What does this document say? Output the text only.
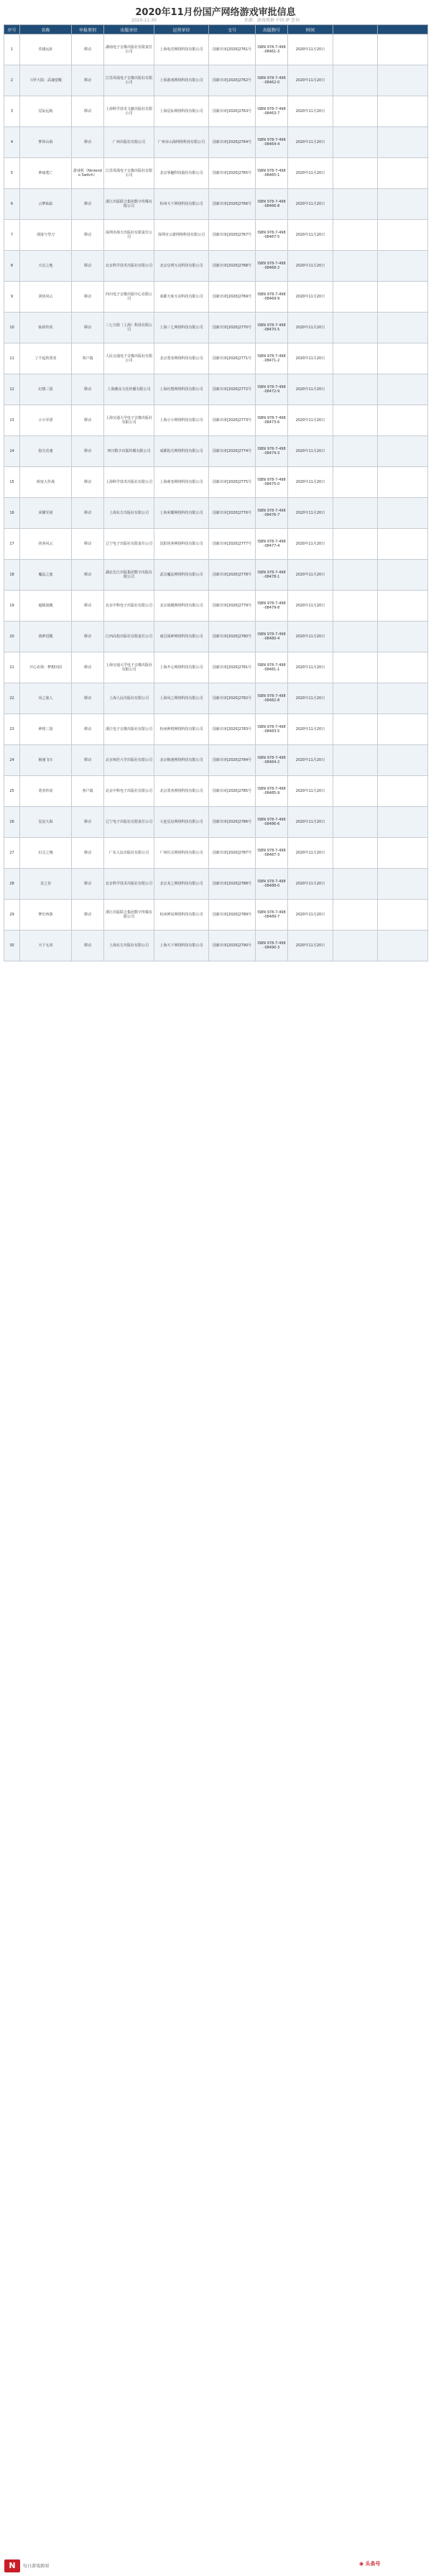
2020年11月份国产网络游戏审批信息
2020-11-30	来源：游戏观察 中国 IP 查询
序号	名称	申报类别	出版单位	运营单位	文号	出版物号	时间		
1	英雄远征	移动	湖南电子音像出版社有限责任公司	上海电竞网络科技有限公司	国新出审[2020]2761号	ISBN 978-7-498-08461-3	2020年11月20日		
2	斗罗大陆：武魂觉醒	移动	江苏凤凰电子音像出版社有限公司	上海游戏网络科技有限公司	国新出审[2020]2762号	ISBN 978-7-498-08462-0	2020年11月20日		
3	星际远航	移动	上海科学技术文献出版社有限公司	上海星际网络科技有限公司	国新出审[2020]2763号	ISBN 978-7-498-08463-7	2020年11月20日		
4	梦回山海	移动	广州出版社有限公司	广州市山海网络科技有限公司	国新出审[2020]2764号	ISBN 978-7-498-08464-4	2020年11月20日		
5	神庙逃亡	游戏机（Nintendo Switch）	江苏凤凰电子音像出版社有限公司	北京掌趣科技股份有限公司	国新出审[2020]2765号	ISBN 978-7-498-08465-1	2020年11月20日		
6	云梦仙踪	移动	浙江出版联合集团数字传媒有限公司	杭州天下网络科技有限公司	国新出审[2020]2766号	ISBN 978-7-498-08466-8	2020年11月20日		
7	部落与弯刀	移动	深圳市海天出版社有限责任公司	深圳市云游网络科技有限公司	国新出审[2020]2767号	ISBN 978-7-498-08467-5	2020年11月20日		
8	天启之地	移动	北京科学技术出版社有限公司	北京启明互动科技有限公司	国新出审[2020]2768号	ISBN 978-7-498-08468-2	2020年11月20日		
9	剑侠风云	移动	四川电子音像出版中心有限公司	成都天象互动科技有限公司	国新出审[2020]2769号	ISBN 978-7-498-08469-9	2020年11月20日		
10	仙侠传说	移动	三七互娱（上海）科技有限公司	上海三七网络科技有限公司	国新出审[2020]2770号	ISBN 978-7-498-08470-5	2020年11月20日		
11	了不起的勇者	客户端	人民交通电子音像出版社有限公司	北京勇者网络科技有限公司	国新出审[2020]2771号	ISBN 978-7-498-08471-2	2020年11月20日		
12	幻想三国	移动	上海雅众文化传播有限公司	上海幻想网络科技有限公司	国新出审[2020]2772号	ISBN 978-7-498-08472-9	2020年11月20日		
13	小小军团	移动	上海交通大学电子音像出版社有限公司	上海小小网络科技有限公司	国新出审[2020]2773号	ISBN 978-7-498-08473-6	2020年11月20日		
14	指尖竞速	移动	四川数字出版传媒有限公司	成都指尖网络科技有限公司	国新出审[2020]2774号	ISBN 978-7-498-08474-3	2020年11月20日		
15	萌宠大作战	移动	上海科学技术出版社有限公司	上海萌宠网络科技有限公司	国新出审[2020]2775号	ISBN 978-7-498-08475-0	2020年11月20日		
16	荣耀军团	移动	上海东方出版社有限公司	上海荣耀网络科技有限公司	国新出审[2020]2776号	ISBN 978-7-498-08476-7	2020年11月20日		
17	侠客风云	移动	辽宁电子出版社有限责任公司	沈阳侠客网络科技有限公司	国新出审[2020]2777号	ISBN 978-7-498-08477-4	2020年11月20日		
18	魔法之旅	移动	湖北长江出版集团数字出版有限公司	武汉魔法网络科技有限公司	国新出审[2020]2778号	ISBN 978-7-498-08478-1	2020年11月20日		
19	超级战舰	移动	北京中科电子出版社有限公司	北京战舰网络科技有限公司	国新出审[2020]2779号	ISBN 978-7-498-08479-8	2020年11月20日		
20	战神觉醒	移动	江西高校出版社有限责任公司	南昌战神网络科技有限公司	国新出审[2020]2780号	ISBN 978-7-498-08480-4	2020年11月20日		
21	开心农场：梦想田园	移动	上海交通大学电子音像出版社有限公司	上海开心网络科技有限公司	国新出审[2020]2781号	ISBN 978-7-498-08481-1	2020年11月20日		
22	风之旅人	移动	上海人民出版社有限公司	上海风之网络科技有限公司	国新出审[2020]2782号	ISBN 978-7-498-08482-8	2020年11月20日		
23	神将三国	移动	浙江电子音像出版社有限公司	杭州神将网络科技有限公司	国新出审[2020]2783号	ISBN 978-7-498-08483-5	2020年11月20日		
24	极速飞车	移动	北京师范大学出版社有限公司	北京极速网络科技有限公司	国新出审[2020]2784号	ISBN 978-7-498-08484-2	2020年11月20日		
25	勇者传说	客户端	北京中科电子出版社有限公司	北京勇者网络科技有限公司	国新出审[2020]2785号	ISBN 978-7-498-08485-9	2020年11月20日		
26	星辰大海	移动	辽宁电子出版社有限责任公司	大连星辰网络科技有限公司	国新出审[2020]2786号	ISBN 978-7-498-08486-6	2020年11月20日		
27	幻灵之城	移动	广东人民出版社有限公司	广州幻灵网络科技有限公司	国新出审[2020]2787号	ISBN 978-7-498-08487-3	2020年11月20日		
28	龙之谷	移动	北京科学技术出版社有限公司	北京龙之网络科技有限公司	国新出审[2020]2788号	ISBN 978-7-498-08488-0	2020年11月20日		
29	梦幻西游	移动	浙江出版联合集团数字传媒有限公司	杭州网易网络科技有限公司	国新出审[2020]2789号	ISBN 978-7-498-08489-7	2020年11月20日		
30	天下无双	移动	上海东方出版社有限公司	上海天下网络科技有限公司	国新出审[2020]2790号	ISBN 978-7-498-08490-3	2020年11月20日		
N	每日游戏新闻	◉ 头条号
